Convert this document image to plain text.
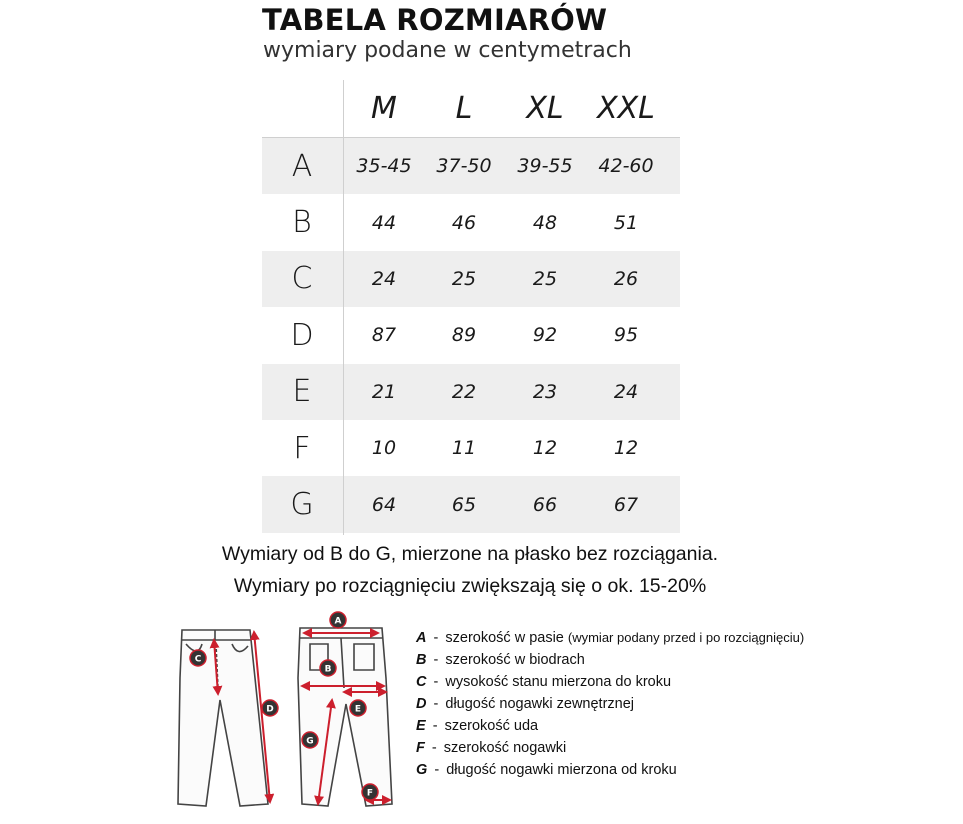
TABELA ROZMIARÓW
wymiary podane w centymetrach
M	L	XL	XXL
A	35-45	37-50	39-55	42-60
B	44	46	48	51
C	24	25	25	26
D	87	89	92	95
E	21	22	23	24
F	10	11	12	12
G	64	65	66	67
Wymiary od B do G, mierzone na płasko bez rozciągania.
Wymiary po rozciągnięciu zwiększają się o ok. 15-20%
A
B
C
D	E
F
G
A - szerokość w pasie (wymiar podany przed i po rozciągnięciu)
B - szerokość w biodrach
C - wysokość stanu mierzona do kroku
D - długość nogawki zewnętrznej
E - szerokość uda
F - szerokość nogawki
G - długość nogawki mierzona od kroku
